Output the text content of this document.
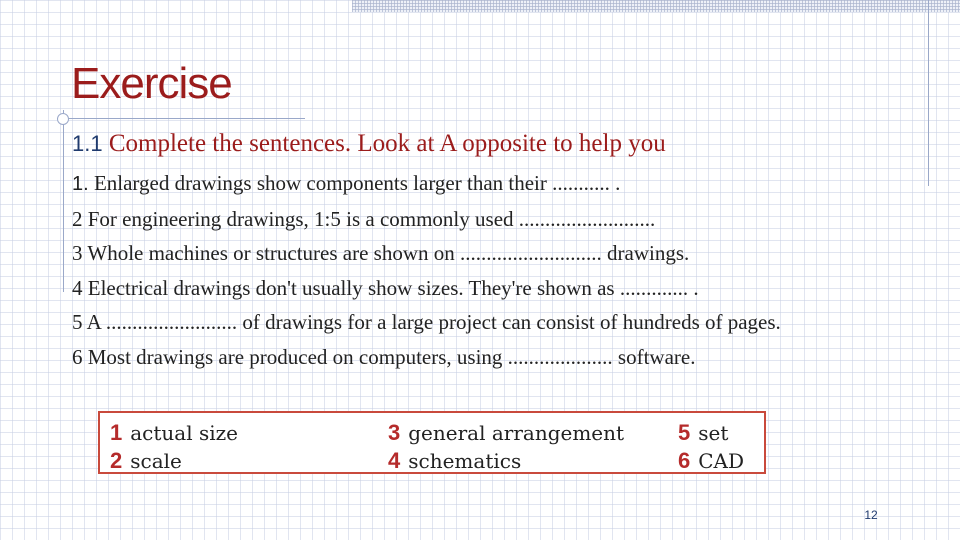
Exercise

1.1 Complete the sentences. Look at A opposite to help you

1. Enlarged drawings show components larger than their ........... .
2 For engineering drawings, 1:5 is a commonly used ..........................
3 Whole machines or structures are shown on ........................... drawings.
4 Electrical drawings don't usually show sizes. They're shown as ............. .
5 A ......................... of drawings for a large project can consist of hundreds of pages.
6 Most drawings are produced on computers, using .................... software.
1 actual size
2 scale
3 general arrangement
4 schematics
5 set
6 CAD
12
